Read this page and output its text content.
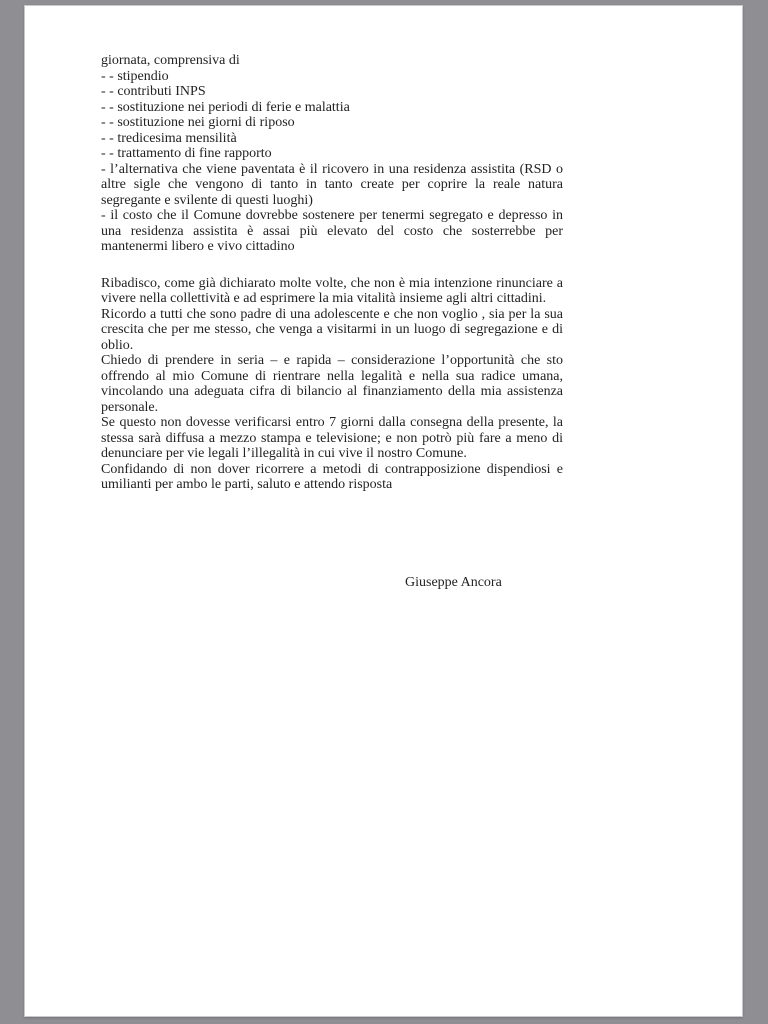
giornata, comprensiva di
- - stipendio
- - contributi INPS
- - sostituzione nei periodi di ferie e malattia
- - sostituzione nei giorni di riposo
- - tredicesima mensilità
- - trattamento di fine rapporto
- l’alternativa che viene paventata è il ricovero in una residenza assistita (RSD o altre sigle che vengono di tanto in tanto create per coprire la reale natura segregante e svilente di questi luoghi)
- il costo che il Comune dovrebbe sostenere per tenermi segregato e depresso in una residenza assistita è assai più elevato del costo che sosterrebbe per mantenermi libero e vivo cittadino
Ribadisco, come già dichiarato molte volte, che non è mia intenzione rinunciare a vivere nella collettività e ad esprimere la mia vitalità insieme agli altri cittadini.
Ricordo a tutti che sono padre di una adolescente e che non voglio , sia per la sua crescita che per me stesso, che venga a visitarmi in un luogo di segregazione e di oblio.
Chiedo di prendere in seria – e rapida – considerazione l’opportunità che sto offrendo al mio Comune di rientrare nella legalità e nella sua radice umana, vincolando una adeguata cifra di bilancio al finanziamento della mia assistenza personale.
Se questo non dovesse verificarsi entro 7 giorni dalla consegna della presente, la stessa sarà diffusa a mezzo stampa e televisione; e non potrò più fare a meno di denunciare per vie legali l’illegalità in cui vive il nostro Comune.
Confidando di non dover ricorrere a metodi di contrapposizione dispendiosi e umilianti per ambo le parti, saluto e attendo risposta
Giuseppe Ancora
